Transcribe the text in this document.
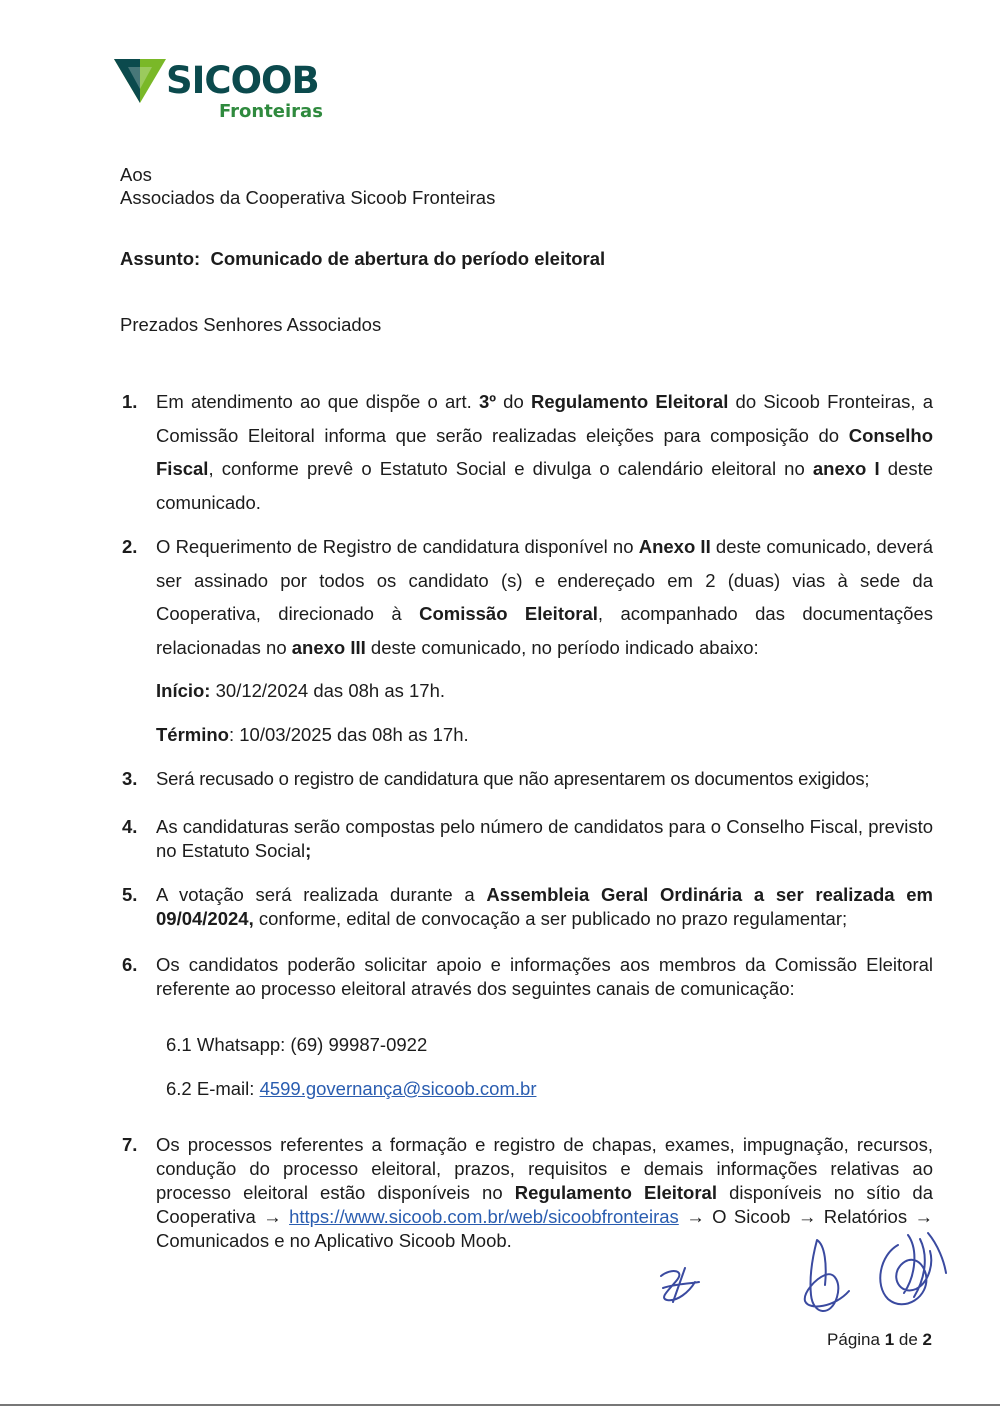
SICOOB
Fronteiras
Aos
Associados da Cooperativa Sicoob Fronteiras
Assunto: Comunicado de abertura do período eleitoral
Prezados Senhores Associados
1. Em atendimento ao que dispõe o art. 3º do Regulamento Eleitoral do Sicoob Fronteiras, a Comissão Eleitoral informa que serão realizadas eleições para composição do Conselho Fiscal, conforme prevê o Estatuto Social e divulga o calendário eleitoral no anexo I deste comunicado.
2. O Requerimento de Registro de candidatura disponível no Anexo II deste comunicado, deverá ser assinado por todos os candidato (s) e endereçado em 2 (duas) vias à sede da Cooperativa, direcionado à Comissão Eleitoral, acompanhado das documentações relacionadas no anexo III deste comunicado, no período indicado abaixo:
Início: 30/12/2024 das 08h as 17h.
Término: 10/03/2025 das 08h as 17h.
3. Será recusado o registro de candidatura que não apresentarem os documentos exigidos;
4. As candidaturas serão compostas pelo número de candidatos para o Conselho Fiscal, previsto no Estatuto Social;
5. A votação será realizada durante a Assembleia Geral Ordinária a ser realizada em 09/04/2024, conforme, edital de convocação a ser publicado no prazo regulamentar;
6. Os candidatos poderão solicitar apoio e informações aos membros da Comissão Eleitoral referente ao processo eleitoral através dos seguintes canais de comunicação:
6.1 Whatsapp: (69) 99987-0922
6.2 E-mail: 4599.governança@sicoob.com.br
7. Os processos referentes a formação e registro de chapas, exames, impugnação, recursos, condução do processo eleitoral, prazos, requisitos e demais informações relativas ao processo eleitoral estão disponíveis no Regulamento Eleitoral disponíveis no sítio da Cooperativa → https://www.sicoob.com.br/web/sicoobfronteiras → O Sicoob → Relatórios → Comunicados e no Aplicativo Sicoob Moob.
Página 1 de 2
